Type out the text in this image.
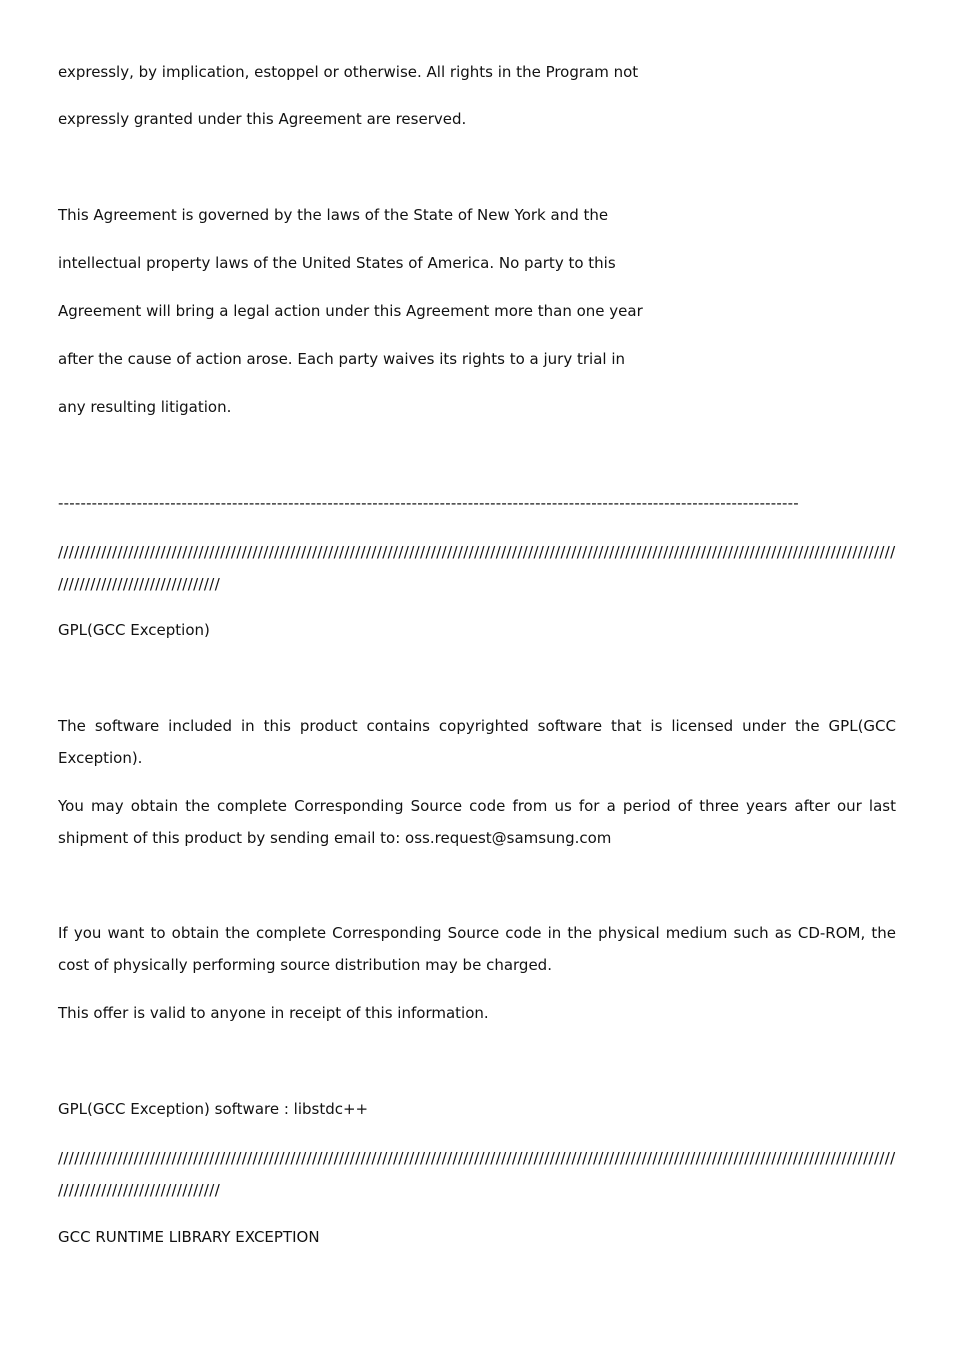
expressly, by implication, estoppel or otherwise. All rights in the Program not

expressly granted under this Agreement are reserved.

This Agreement is governed by the laws of the State of New York and the

intellectual property laws of the United States of America. No party to this

Agreement will bring a legal action under this Agreement more than one year

after the cause of action arose. Each party waives its rights to a jury trial in

any resulting litigation.

------------------------------------------------------------------------------------------------------------------------------------

/////////////////////////////////////////////////////////////////////////////////////////////////////////////////////////////////////////////////////////////////////////////////////////

GPL(GCC Exception)

The software included in this product contains copyrighted software that is licensed under the GPL(GCC Exception).

You may obtain the complete Corresponding Source code from us for a period of three years after our last shipment of this product by sending email to: oss.request@samsung.com

If you want to obtain the complete Corresponding Source code in the physical medium such as CD-ROM, the cost of physically performing source distribution may be charged.

This offer is valid to anyone in receipt of this information.

GPL(GCC Exception) software : libstdc++

/////////////////////////////////////////////////////////////////////////////////////////////////////////////////////////////////////////////////////////////////////////////////////////

GCC RUNTIME LIBRARY EXCEPTION
